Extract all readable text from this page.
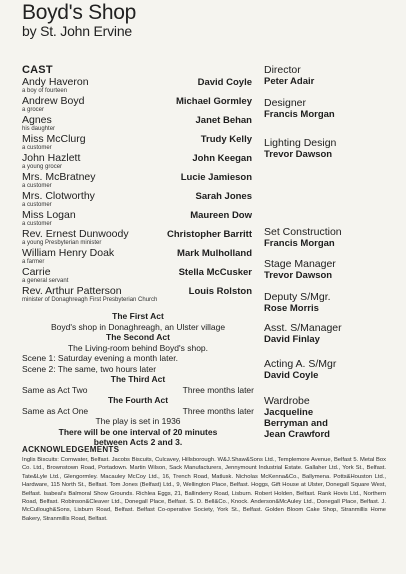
Boyd's Shop
by St. John Ervine
CAST
Andy Haveron	David Coyle
a boy of fourteen
Andrew Boyd	Michael Gormley
a grocer
Agnes	Janet Behan
his daughter
Miss McClurg	Trudy Kelly
a customer
John Hazlett	John Keegan
a young grocer
Mrs. McBratney	Lucie Jamieson
a customer
Mrs. Clotworthy	Sarah Jones
a customer
Miss Logan	Maureen Dow
a customer
Rev. Ernest Dunwoody	Christopher Barritt
a young Presbyterian minister
William Henry Doak	Mark Mulholland
a farmer
Carrie	Stella McCusker
a general servant
Rev. Arthur Patterson	Louis Rolston
minister of Donaghreagh First Presbyterian Church
Director
Peter Adair
Designer
Francis Morgan
Lighting Design
Trevor Dawson
Set Construction
Francis Morgan
Stage Manager
Trevor Dawson
Deputy S/Mgr.
Rose Morris
Asst. S/Manager
David Finlay
Acting A. S/Mgr
David Coyle
Wardrobe
Jacqueline
Berryman and
Jean Crawford
The First Act
Boyd's shop in Donaghreagh, an Ulster village
The Second Act
The Living-room behind Boyd's shop.
Scene 1: Saturday evening a month later.
Scene 2: The same, two hours later
The Third Act
Same as Act Two	Three months later
The Fourth Act
Same as Act One	Three months later
The play is set in 1936
There will be one interval of 20 minutes
between Acts 2 and 3.
ACKNOWLEDGEMENTS
Inglis Biscuits: Cornwater, Belfast. Jacobs Biscuits, Culcavey, Hillsborough. W&J.Shaw&Sons Ltd., Templemore Avenue, Belfast 5. Metal Box Co. Ltd., Brownstown Road, Portadown. Martin Wilson, Sack Manufacturers, Jennymount Industrial Estate. Gallaher Ltd., York St., Belfast. Tate&Lyle Ltd., Glengormley. Macauley McCoy Ltd., 16, Trench Road, Matlusk. Nicholas McKenna&Co., Ballymena. Potts&Houston Ltd., Hardware, 115 North St., Belfast. Tom Jones (Belfast) Ltd., 9, Wellington Place, Belfast. Hoggs, Gift House at Ulster, Donegall Square West, Belfast. Isabeal's Balmoral Show Grounds. Richlea Eggs, 21, Ballinderry Road, Lisburn. Robert Holden, Belfast. Rank Hovis Ltd., Northern Road, Belfast. Robinson&Cleaver Ltd., Donegall Place, Belfast. S. D. Bell&Co., Knock. Anderson&McAuley Ltd., Donegall Place, Belfast. J. McCullough&Sons, Lisburn Road, Belfast. Belfast Co-operative Society, York St., Belfast. Golden Bloom Cake Shop, Stranmillis Home Bakery, Stranmillis Road, Belfast.
